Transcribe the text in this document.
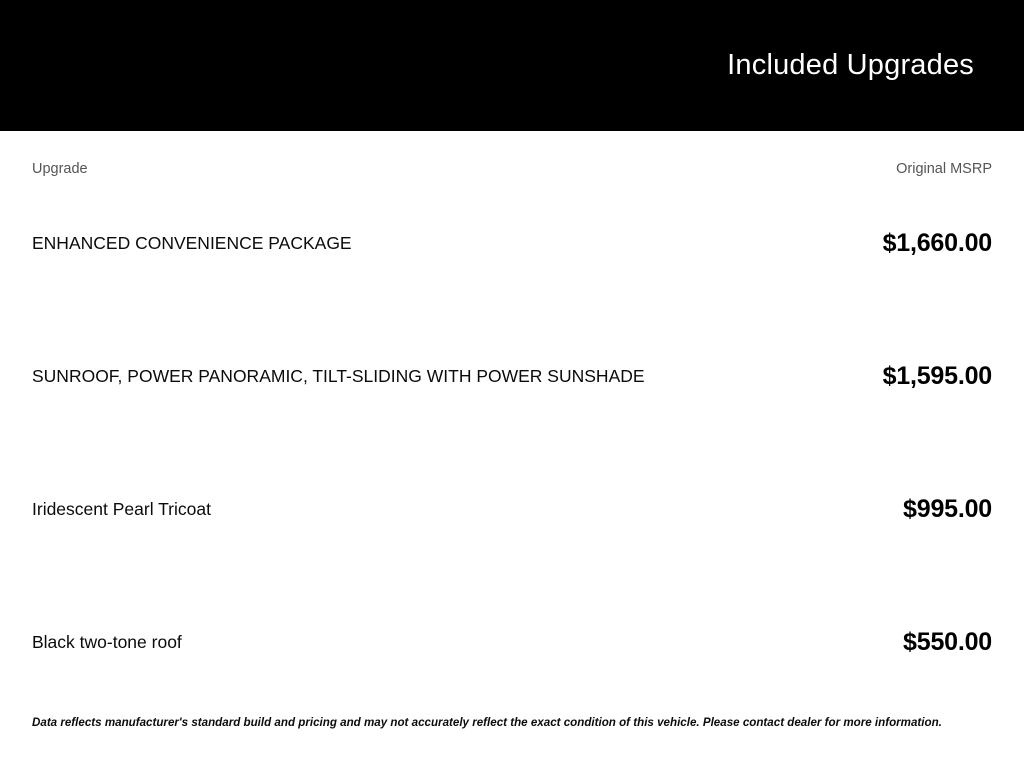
Included Upgrades
Upgrade	Original MSRP
ENHANCED CONVENIENCE PACKAGE	$1,660.00
SUNROOF, POWER PANORAMIC, TILT-SLIDING WITH POWER SUNSHADE	$1,595.00
Iridescent Pearl Tricoat	$995.00
Black two-tone roof	$550.00
Data reflects manufacturer's standard build and pricing and may not accurately reflect the exact condition of this vehicle. Please contact dealer for more information.
